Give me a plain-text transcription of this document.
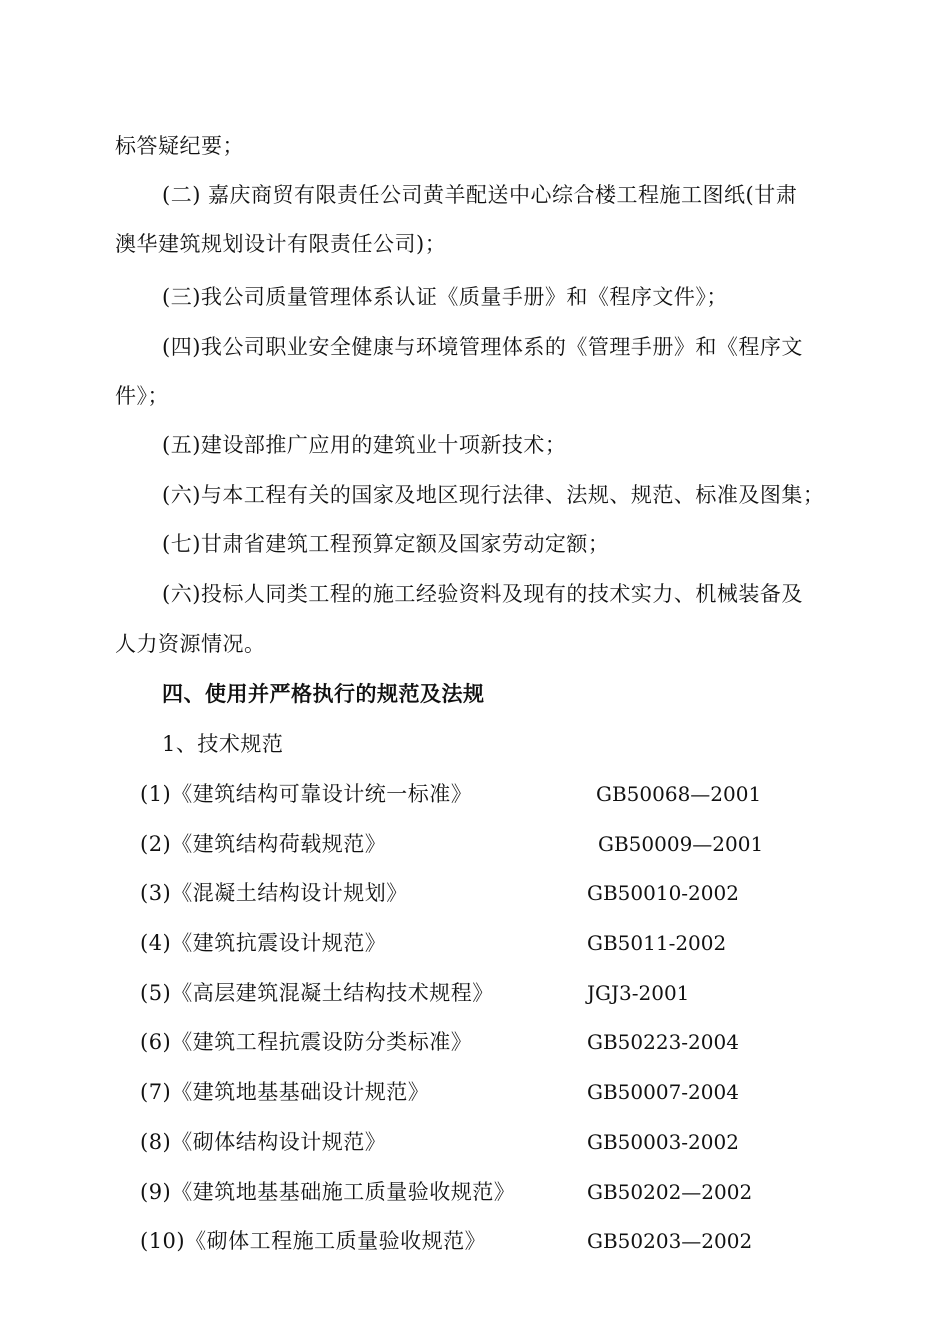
标答疑纪要；
(二) 嘉庆商贸有限责任公司黄羊配送中心综合楼工程施工图纸(甘肃
澳华建筑规划设计有限责任公司)；
(三)我公司质量管理体系认证《质量手册》和《程序文件》；
(四)我公司职业安全健康与环境管理体系的《管理手册》和《程序文
件》；
(五)建设部推广应用的建筑业十项新技术；
(六)与本工程有关的国家及地区现行法律、法规、规范、标准及图集；
(七)甘肃省建筑工程预算定额及国家劳动定额；
(六)投标人同类工程的施工经验资料及现有的技术实力、机械装备及
人力资源情况。
四、使用并严格执行的规范及法规
1、技术规范
(1)《建筑结构可靠设计统一标准》	GB50068—2001
(2)《建筑结构荷载规范》	GB50009—2001
(3)《混凝土结构设计规划》	GB50010-2002
(4)《建筑抗震设计规范》	GB5011-2002
(5)《高层建筑混凝土结构技术规程》	JGJ3-2001
(6)《建筑工程抗震设防分类标准》	GB50223-2004
(7)《建筑地基基础设计规范》	GB50007-2004
(8)《砌体结构设计规范》	GB50003-2002
(9)《建筑地基基础施工质量验收规范》	GB50202—2002
(10)《砌体工程施工质量验收规范》	GB50203—2002
